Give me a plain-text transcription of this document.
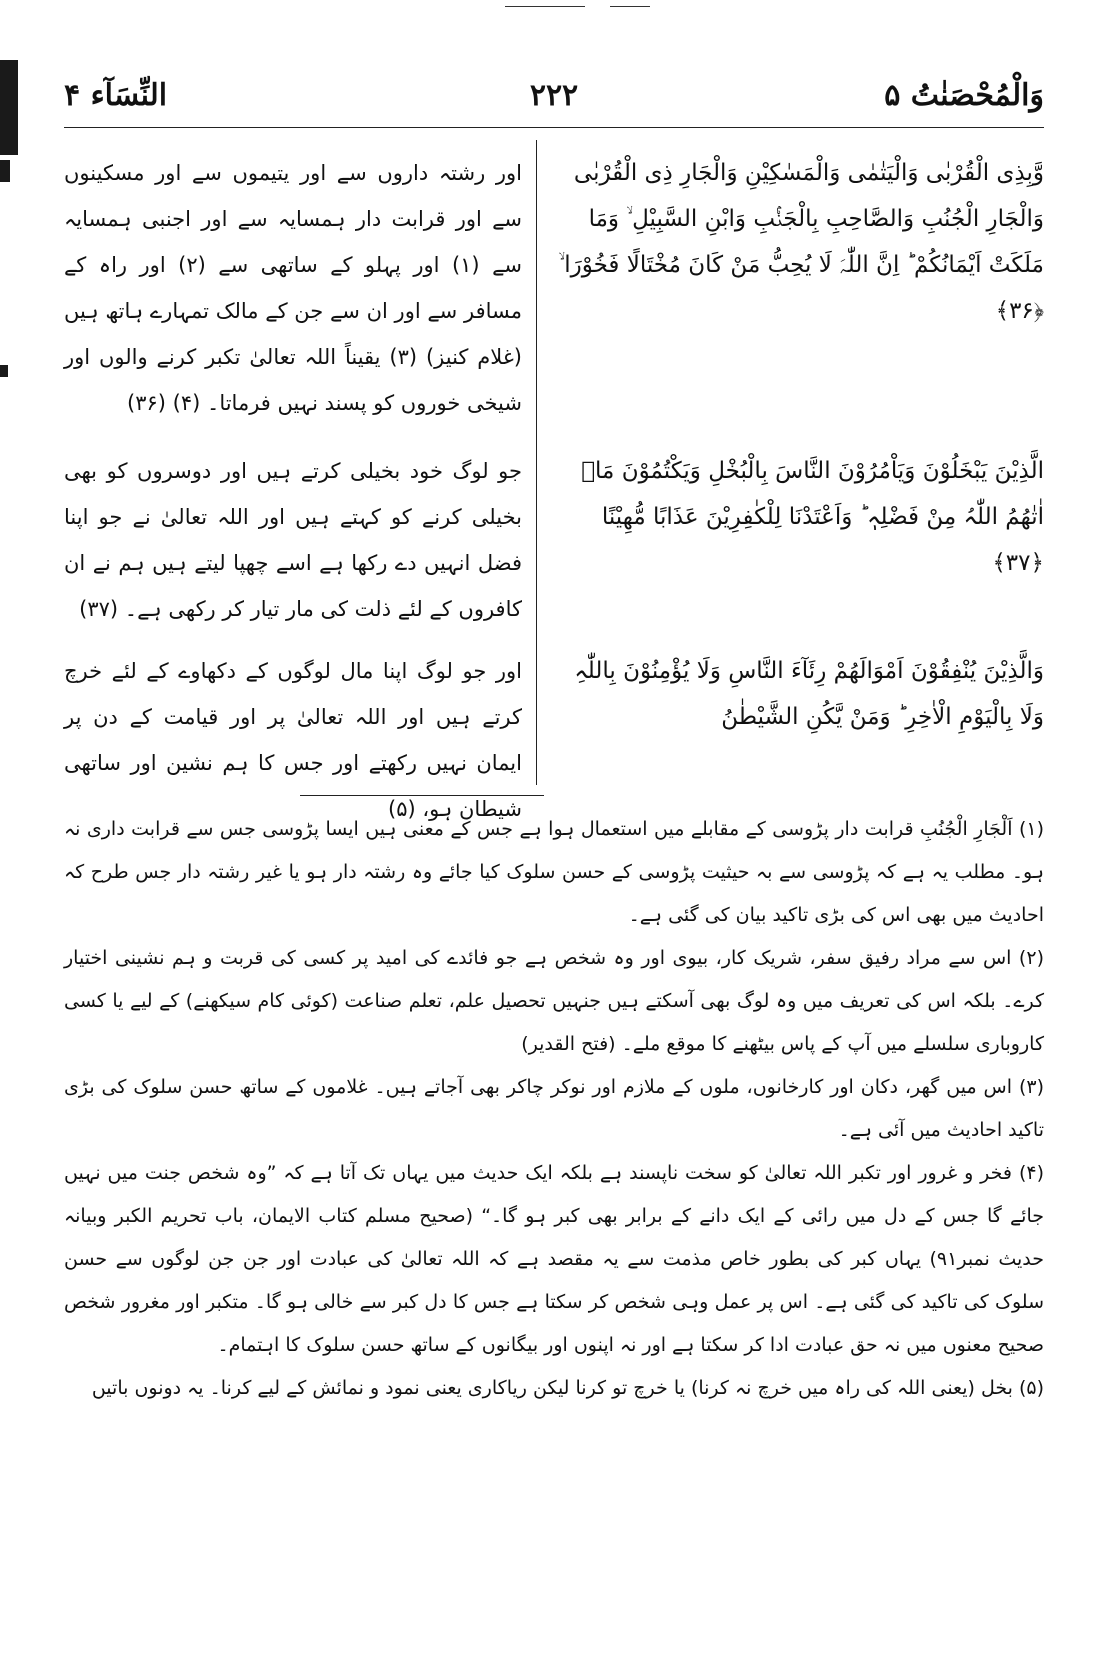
وَالْمُحْصَنٰتُ ۵
۲۲۲
النِّسَآء ۴

وَّبِذِی الْقُرْبٰی وَالْیَتٰمٰی وَالْمَسٰکِیْنِ وَالْجَارِ ذِی الْقُرْبٰی وَالْجَارِ الْجُنُبِ وَالصَّاحِبِ بِالْجَنْۢبِ وَابْنِ السَّبِیْلِ ۙ وَمَا مَلَکَتْ اَیْمَانُکُمْ ؕ اِنَّ اللّٰہَ لَا یُحِبُّ مَنْ کَانَ مُخْتَالًا فَخُوْرَا ۙ ﴿۳۶﴾

الَّذِیْنَ یَبْخَلُوْنَ وَیَاْمُرُوْنَ النَّاسَ بِالْبُخْلِ وَیَکْتُمُوْنَ مَاۤ اٰتٰھُمُ اللّٰہُ مِنْ فَضْلِہٖ ؕ وَاَعْتَدْنَا لِلْکٰفِرِیْنَ عَذَابًا مُّھِیْنًا ﴿۳۷﴾

وَالَّذِیْنَ یُنْفِقُوْنَ اَمْوَالَھُمْ رِئَآءَ النَّاسِ وَلَا یُؤْمِنُوْنَ بِاللّٰہِ وَلَا بِالْیَوْمِ الْاٰخِرِ ؕ وَمَنْ یَّکُنِ الشَّیْطٰنُ

اور رشتہ داروں سے اور یتیموں سے اور مسکینوں سے اور قرابت دار ہمسایہ سے اور اجنبی ہمسایہ سے (۱) اور پہلو کے ساتھی سے (۲) اور راہ کے مسافر سے اور ان سے جن کے مالک تمہارے ہاتھ ہیں (غلام کنیز) (۳) یقیناً اللہ تعالیٰ تکبر کرنے والوں اور شیخی خوروں کو پسند نہیں فرماتا۔ (۴) (۳۶)

جو لوگ خود بخیلی کرتے ہیں اور دوسروں کو بھی بخیلی کرنے کو کہتے ہیں اور اللہ تعالیٰ نے جو اپنا فضل انہیں دے رکھا ہے اسے چھپا لیتے ہیں ہم نے ان کافروں کے لئے ذلت کی مار تیار کر رکھی ہے۔ (۳۷)

اور جو لوگ اپنا مال لوگوں کے دکھاوے کے لئے خرچ کرتے ہیں اور اللہ تعالیٰ پر اور قیامت کے دن پر ایمان نہیں رکھتے اور جس کا ہم نشین اور ساتھی شیطان ہو، (۵)

(۱) اَلْجَارِ الْجُنُبِ قرابت دار پڑوسی کے مقابلے میں استعمال ہوا ہے جس کے معنی ہیں ایسا پڑوسی جس سے قرابت داری نہ ہو۔ مطلب یہ ہے کہ پڑوسی سے بہ حیثیت پڑوسی کے حسن سلوک کیا جائے وہ رشتہ دار ہو یا غیر رشتہ دار جس طرح کہ احادیث میں بھی اس کی بڑی تاکید بیان کی گئی ہے۔

(۲) اس سے مراد رفیق سفر، شریک کار، بیوی اور وہ شخص ہے جو فائدے کی امید پر کسی کی قربت و ہم نشینی اختیار کرے۔ بلکہ اس کی تعریف میں وہ لوگ بھی آسکتے ہیں جنہیں تحصیل علم، تعلم صناعت (کوئی کام سیکھنے) کے لیے یا کسی کاروباری سلسلے میں آپ کے پاس بیٹھنے کا موقع ملے۔ (فتح القدیر)

(۳) اس میں گھر، دکان اور کارخانوں، ملوں کے ملازم اور نوکر چاکر بھی آجاتے ہیں۔ غلاموں کے ساتھ حسن سلوک کی بڑی تاکید احادیث میں آئی ہے۔

(۴) فخر و غرور اور تکبر اللہ تعالیٰ کو سخت ناپسند ہے بلکہ ایک حدیث میں یہاں تک آتا ہے کہ ”وہ شخص جنت میں نہیں جائے گا جس کے دل میں رائی کے ایک دانے کے برابر بھی کبر ہو گا۔“ (صحیح مسلم کتاب الایمان، باب تحریم الکبر وبیانہ حدیث نمبر۹۱) یہاں کبر کی بطور خاص مذمت سے یہ مقصد ہے کہ اللہ تعالیٰ کی عبادت اور جن جن لوگوں سے حسن سلوک کی تاکید کی گئی ہے۔ اس پر عمل وہی شخص کر سکتا ہے جس کا دل کبر سے خالی ہو گا۔ متکبر اور مغرور شخص صحیح معنوں میں نہ حق عبادت ادا کر سکتا ہے اور نہ اپنوں اور بیگانوں کے ساتھ حسن سلوک کا اہتمام۔

(۵) بخل (یعنی اللہ کی راہ میں خرچ نہ کرنا) یا خرچ تو کرنا لیکن ریاکاری یعنی نمود و نمائش کے لیے کرنا۔ یہ دونوں باتیں
